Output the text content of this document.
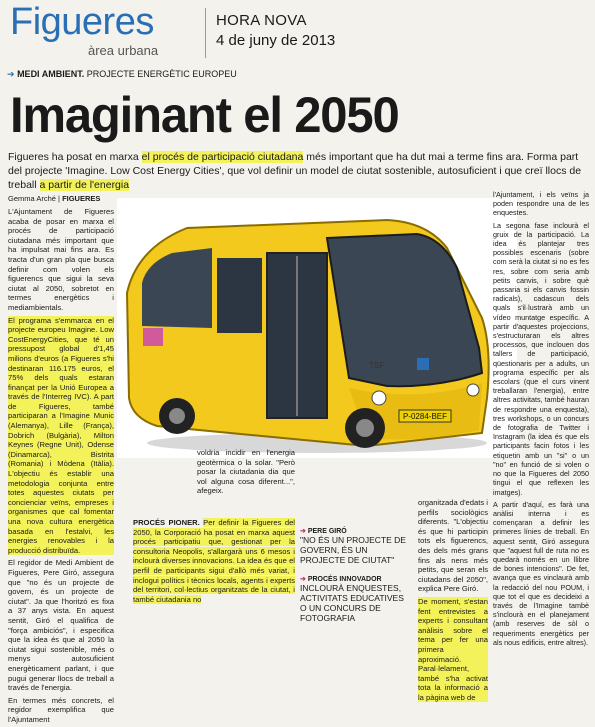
Figueres
àrea urbana
HORA NOVA
4 de juny de 2013
➔ MEDI AMBIENT. PROJECTE ENERGÈTIC EUROPEU
Imaginant el 2050
Figueres ha posat en marxa el procés de participació ciutadana més important que ha dut mai a terme fins ara. Forma part del projecte 'Imagine. Low Cost Energy Cities', que vol definir un model de ciutat sostenible, autosuficient i que creï llocs de treball a partir de l'energia
Gemma Arché | FIGUERES

L'Ajuntament de Figueres acaba de posar en marxa el procés de participació ciutadana més important que ha impulsat mai fins ara. Es tracta d'un gran pla que busca definir com volen els figuerencs que sigui la seva ciutat al 2050, sobretot en termes energètics i mediambientals.

El programa s'emmarca en el projecte europeu Imagine. Low CostEnergyCities, que té un pressupost global d'1,45 milions d'euros (a Figueres s'hi destinaran 116.175 euros, el 75% dels quals estaran finançat per la Unió Europea a través de l'Interreg IVC). A part de Figueres, també participaran a l'Imagine Munic (Alemanya), Lille (França), Dobrich (Bulgària), Milton Keynes (Regne Unit), Odense (Dinamarca), Bistrita (Romania) i Mòdena (Itàlia). L'objectiu és establir una metodologia conjunta entre totes aquestes ciutats per concienciar veïns, empreses i organismes que cal fomentar una nova cultura energètica basada en l'estalvi, les energies renovables i la producció distribuïda.

El regidor de Medi Ambient de Figueres, Pere Giró, assegura que "no és un projecte de govern, és un projecte de ciutat". Ja que l'horitzó es fixa a 37 anys vista. En aquest sentit, Giró el qualifica de "força ambiciós", i especifica que la idea és que al 2050 la ciutat sigui sostenible, més o menys autosuficient energèticament parlant, i que pugui generar llocs de treball a través de l'energia.

En termes més concrets, el regidor exemplifica que l'Ajuntament

P-0284-BEF
TSF

voldria incidir en l'energia geotèrmica o la solar. "Però posar la ciutadania dia que vol alguna cosa diferent...", afegeix.

PROCÉS PIONER. Per definir la Figueres del 2050, la Corporació ha posat en marxa aquest procés participatiu que, gestionat per la consultoria Neopolis, s'allargarà uns 6 mesos i inclourà diverses innovacions. La idea és que el perfil de participants sigui d'allò més variat, i inclogui polítics i tècnics locals, agents i experts del territori, col·lectius organitzats de la ciutat, i també ciutadania no

➔ PERE GIRÓ
"NO ÉS UN PROJECTE DE GOVERN, ÉS UN PROJECTE DE CIUTAT"
➔ PROCÉS INNOVADOR
INCLOURÀ ENQUESTES, ACTIVITATS EDUCATIVES O UN CONCURS DE FOTOGRAFIA

organitzada d'edats i perfils sociològics diferents. "L'objectiu és que hi participin tots els figuerencs, des dels més grans fins als nens més petits, que seran els ciutadans del 2050", explica Pere Giró.

De moment, s'estan fent entrevistes a experts i consultant anàlisis sobre el tema per fer una primera aproximació. Paral·lelament, també s'ha activat tota la informació a la pàgina web de

l'Ajuntament, i els veïns ja poden respondre una de les enquestes.

La segona fase inclourà el gruix de la participació. La idea és plantejar tres possibles escenaris (sobre com serà la ciutat si no es fes res, sobre com seria amb petits canvis, i sobre què passaria si els canvis fossin radicals), cadascun dels quals s'il·lustrarà amb un vídeo muntatge específic. A partir d'aquestes projeccions, s'estructuraran els altres processos, que inclouen dos tallers de participació, qüestionaris per a adults, un programa específic per als escolars (que el curs vinent treballaran l'energia), entre altres activitats, també hauran de respondre una enquesta), tres workshops, o un concurs de fotografia de Twitter i Instagram (la idea és que els participants facin fotos i les etiquetin amb un "si" o un "no" en funció de si volen o no que la Figueres del 2050 tingui el que reflexen les imatges).

A partir d'aquí, es farà una anàlisi interna i es començaran a definir les primeres línies de treball. En aquest sentit, Giró assegura que "aquest full de ruta no es quedarà només en un llibre de bones intencions". De fet, avança que es vinclaurà amb la redacció del nou POUM, i que tot el que es decideixi a través de l'Imagine tambè s'inclourà en el planejament (amb reserves de sòl o requeriments energètics per als nous edificis, entre altres).
